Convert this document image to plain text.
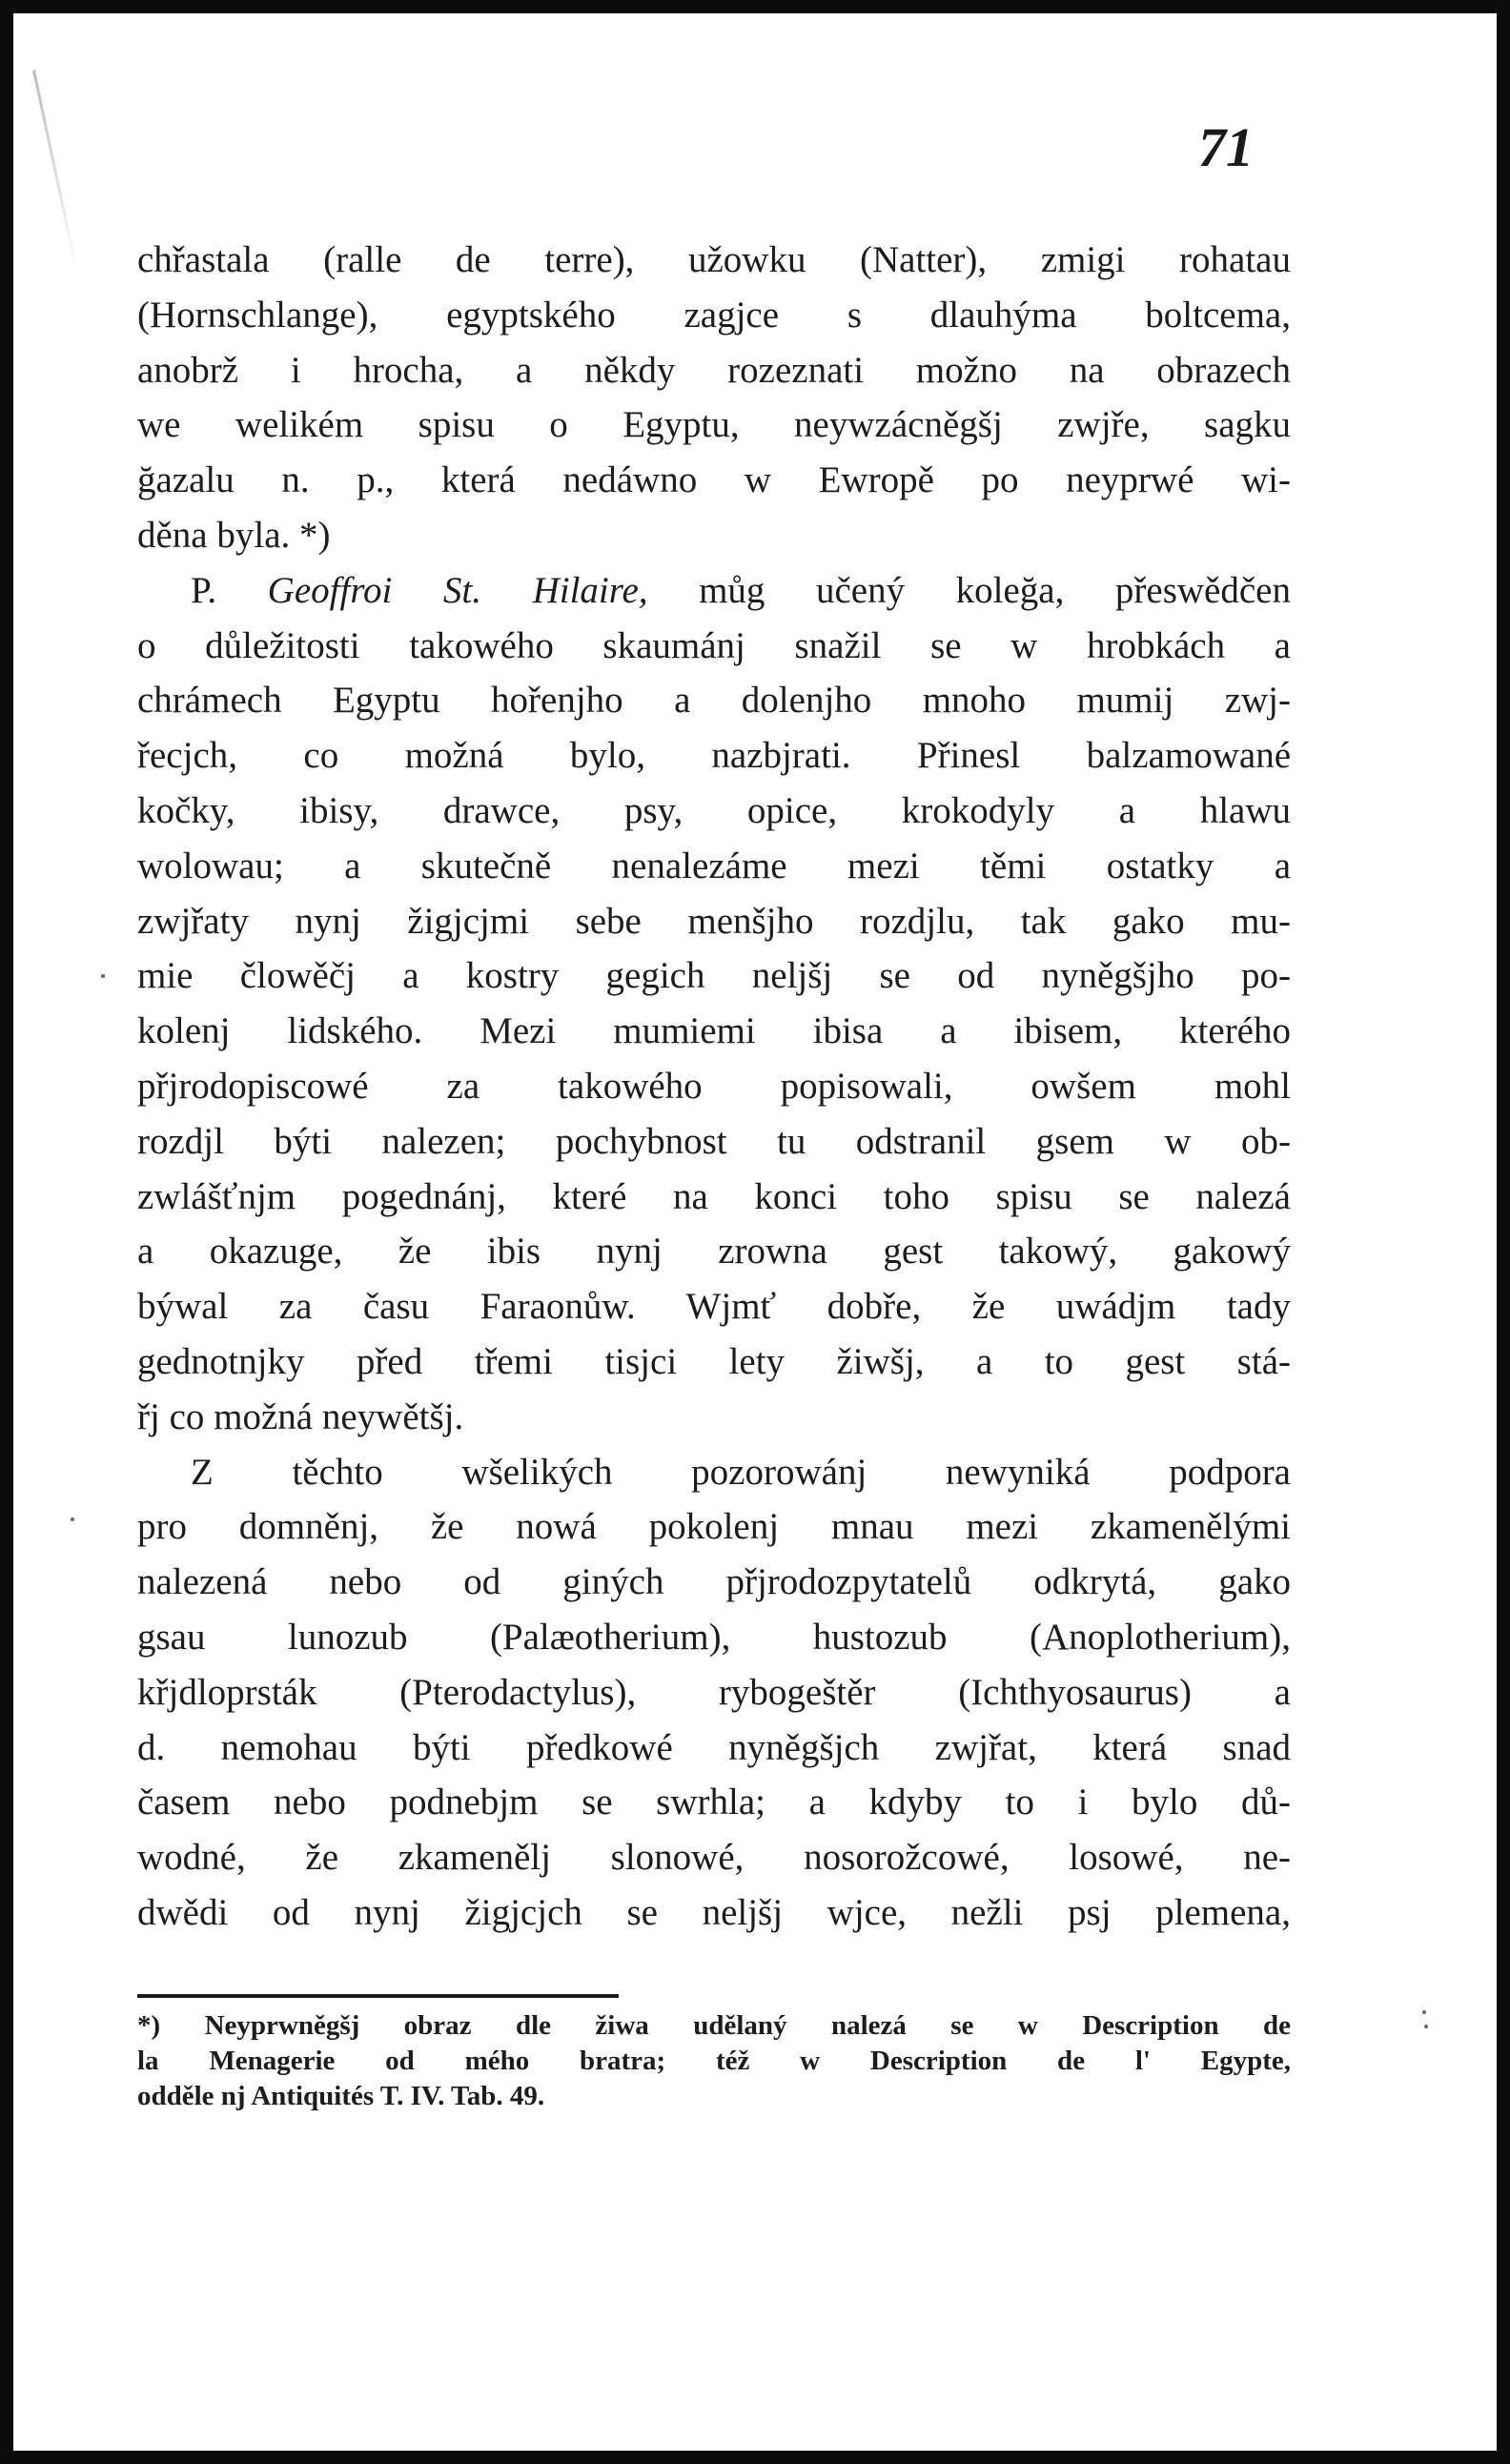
71
chřastala (ralle de terre), užowku (Natter), zmigi rohatau
(Hornschlange), egyptského zagjce s dlauhýma boltcema,
anobrž i hrocha, a někdy rozeznati možno na obrazech
we welikém spisu o Egyptu, neywzácněgšj zwjře, sagku
ğazalu n. p., která nedáwno w Ewropě po neyprwé wi-
děna byla. *)
P. Geoffroi St. Hilaire, můg učený koleğa, přeswědčen
o důležitosti takowého skaumánj snažil se w hrobkách a
chrámech Egyptu hořenjho a dolenjho mnoho mumij zwj-
řecjch, co možná bylo, nazbjrati. Přinesl balzamowané
kočky, ibisy, drawce, psy, opice, krokodyly a hlawu
wolowau; a skutečně nenalezáme mezi těmi ostatky a
zwjřaty nynj žigjcjmi sebe menšjho rozdjlu, tak gako mu-
mie člowěčj a kostry gegich neljšj se od nyněgšjho po-
kolenj lidského. Mezi mumiemi ibisa a ibisem, kterého
přjrodopiscowé za takowého popisowali, owšem mohl
rozdjl býti nalezen; pochybnost tu odstranil gsem w ob-
zwlášťnjm pogednánj, které na konci toho spisu se nalezá
a okazuge, že ibis nynj zrowna gest takowý, gakowý
býwal za času Faraonůw. Wjmť dobře, že uwádjm tady
gednotnjky před třemi tisjci lety žiwšj, a to gest stá-
řj co možná neywětšj.
Z těchto wšelikých pozorowánj newyniká podpora
pro domněnj, že nowá pokolenj mnau mezi zkamenělými
nalezená nebo od giných přjrodozpytatelů odkrytá, gako
gsau lunozub (Palæotherium), hustozub (Anoplotherium),
křjdloprsták (Pterodactylus), rybogeštěr (Ichthyosaurus) a
d. nemohau býti předkowé nyněgšjch zwjřat, která snad
časem nebo podnebjm se swrhla; a kdyby to i bylo dů-
wodné, že zkamenělj slonowé, nosorožcowé, losowé, ne-
dwědi od nynj žigjcjch se neljšj wjce, nežli psj plemena,
*) Neyprwněgšj obraz dle žiwa udělaný nalezá se w Description de
la Menagerie od mého bratra; též w Description de l' Egypte,
odděle nj Antiquités T. IV. Tab. 49.
